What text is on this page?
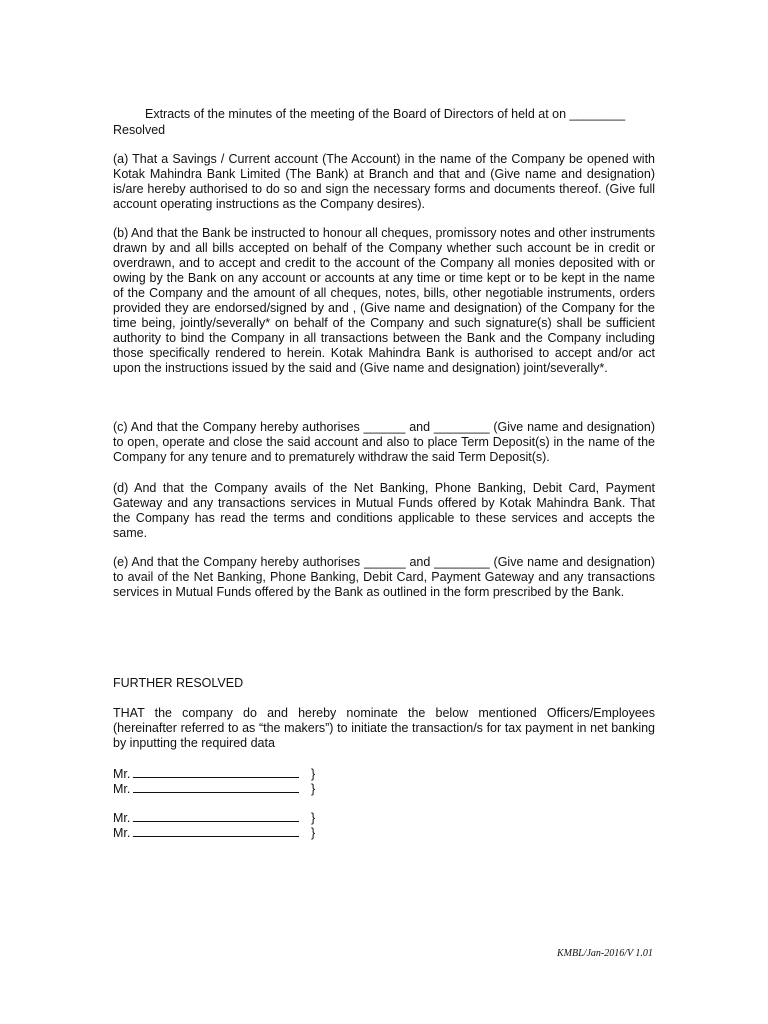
Extracts of the minutes of the meeting of the Board of Directors of held at on ________

Resolved

(a) That a Savings / Current account (The Account) in the name of the Company be opened with Kotak Mahindra Bank Limited (The Bank) at Branch and that and (Give name and designation) is/are hereby authorised to do so and sign the necessary forms and documents thereof. (Give full account operating instructions as the Company desires).

(b) And that the Bank be instructed to honour all cheques, promissory notes and other instruments drawn by and all bills accepted on behalf of the Company whether such account be in credit or overdrawn, and to accept and credit to the account of the Company all monies deposited with or owing by the Bank on any account or accounts at any time or time kept or to be kept in the name of the Company and the amount of all cheques, notes, bills, other negotiable instruments, orders provided they are endorsed/signed by and , (Give name and designation) of the Company for the time being, jointly/severally* on behalf of the Company and such signature(s) shall be sufficient authority to bind the Company in all transactions between the Bank and the Company including those specifically rendered to herein. Kotak Mahindra Bank is authorised to accept and/or act upon the instructions issued by the said and (Give name and designation) joint/severally*.

(c) And that the Company hereby authorises ______ and ________ (Give name and designation) to open, operate and close the said account and also to place Term Deposit(s) in the name of the Company for any tenure and to prematurely withdraw the said Term Deposit(s).

(d) And that the Company avails of the Net Banking, Phone Banking, Debit Card, Payment Gateway and any transactions services in Mutual Funds offered by Kotak Mahindra Bank. That the Company has read the terms and conditions applicable to these services and accepts the same.

(e) And that the Company hereby authorises ______ and ________ (Give name and designation) to avail of the Net Banking, Phone Banking, Debit Card, Payment Gateway and any transactions services in Mutual Funds offered by the Bank as outlined in the form prescribed by the Bank.

FURTHER RESOLVED

THAT the company do and hereby nominate the below mentioned Officers/Employees (hereinafter referred to as “the makers”) to initiate the transaction/s for tax payment in net banking by inputting the required data

Mr.	}
Mr.	}
Mr.	}
Mr.	}
KMBL/Jan-2016/V 1.01
